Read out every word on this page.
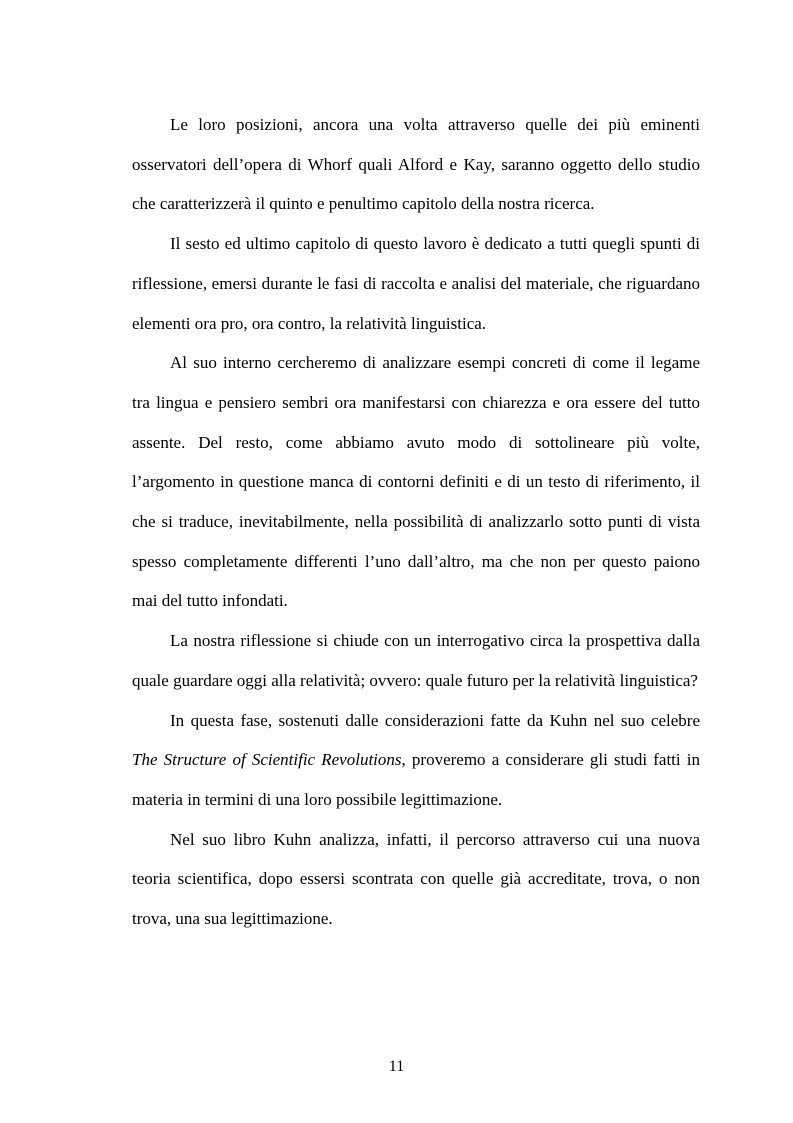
Le loro posizioni, ancora una volta attraverso quelle dei più eminenti osservatori dell’opera di Whorf quali Alford e Kay, saranno oggetto dello studio che caratterizzerà il quinto e penultimo capitolo della nostra ricerca.

Il sesto ed ultimo capitolo di questo lavoro è dedicato a tutti quegli spunti di riflessione, emersi durante le fasi di raccolta e analisi del materiale, che riguardano elementi ora pro, ora contro, la relatività linguistica.

Al suo interno cercheremo di analizzare esempi concreti di come il legame tra lingua e pensiero sembri ora manifestarsi con chiarezza e ora essere del tutto assente. Del resto, come abbiamo avuto modo di sottolineare più volte, l’argomento in questione manca di contorni definiti e di un testo di riferimento, il che si traduce, inevitabilmente, nella possibilità di analizzarlo sotto punti di vista spesso completamente differenti l’uno dall’altro, ma che non per questo paiono mai del tutto infondati.

La nostra riflessione si chiude con un interrogativo circa la prospettiva dalla quale guardare oggi alla relatività; ovvero: quale futuro per la relatività linguistica?

In questa fase, sostenuti dalle considerazioni fatte da Kuhn nel suo celebre The Structure of Scientific Revolutions, proveremo a considerare gli studi fatti in materia in termini di una loro possibile legittimazione.

Nel suo libro Kuhn analizza, infatti, il percorso attraverso cui una nuova teoria scientifica, dopo essersi scontrata con quelle già accreditate, trova, o non trova, una sua legittimazione.

11
